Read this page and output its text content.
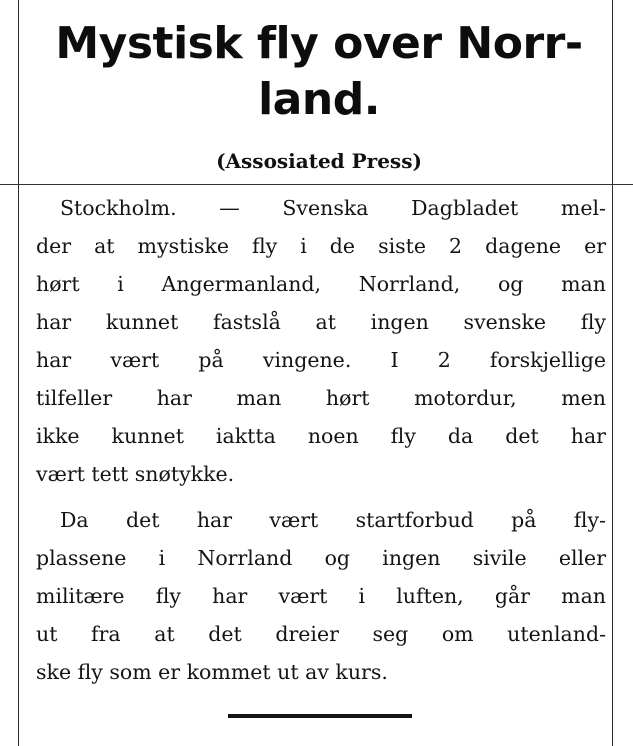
Mystisk fly over Norr-
land.
(Assosiated Press)
Stockholm. — Svenska Dagbladet mel-
der at mystiske fly i de siste 2 dagene er
hørt i Angermanland, Norrland, og man
har kunnet fastslå at ingen svenske fly
har vært på vingene. I 2 forskjellige
tilfeller har man hørt motordur, men
ikke kunnet iaktta noen fly da det har
vært tett snøtykke.
Da det har vært startforbud på fly-
plassene i Norrland og ingen sivile eller
militære fly har vært i luften, går man
ut fra at det dreier seg om utenland-
ske fly som er kommet ut av kurs.
